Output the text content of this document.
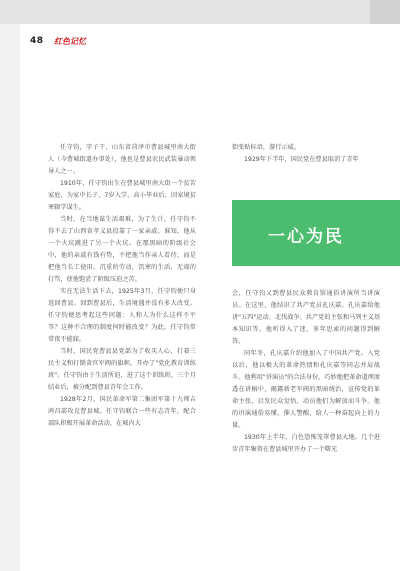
48 红色记忆

任守钧，字子干，山东省菏泽市曹县城里南大街人（今曹城街道办事处），他也是曹县农民武装暴动领导人之一。

1910年，任守钧出生在曹县城里南大街一个贫苦家庭，为家中长子，7岁入学，高小毕业后，因家境贫寒辍学谋生。

当时，在当地谋生活艰难，为了生计，任守钧不得不去了山西省孝义县投靠了一家亲戚。谁知，他从一个火坑跳进了另一个火坑。在那黑暗的阶级社会中，他的亲戚有钱有势，不把他当作亲人看待，而是把他当长工使用。沉重的劳动，饥寒的生活，无端的打骂，使他饱尝了阶级压迫之苦。

实在无法生活下去，1925年3月，任守钧便只身返回曹县。回到曹县后，生活境遇并没有多大改变。任守钧便思考起这些问题：人和人为什么这样不平等？这种不合理的制度何时能改变？为此，任守钧常常夜不能寐。

当时，国民党曹县县党部为了收买人心，打着三民主义和打倒贪官军阀的旗帜，开办了"党化教育训练班"。任守钧由于生活所迫，进了这个训练班，三个月结业后，被分配到曹县青年会工作。

1928年2月，国民革命军第二集团军第十九师吉鸿昌部攻克曹县城。任守钧联合一些有志青年，配合部队积极开展革命活动，在城内大

街张贴标语，游行示威。

1929年下半年，国民党在曹县取消了青年

一心为民

会，任守钧又到曹县民众教育馆通俗讲演所当讲演员。在这里，他结识了共产党员孔庆嘉。孔庆嘉给他讲"五四"运动、北伐战争、共产党的主张和马列主义基本知识等，他听得入了迷，多年思索的问题得到解答。

同年冬，孔庆嘉介绍他加入了中国共产党。入党以后，他以极大的革命热情和孔庆嘉等同志并肩战斗。他利用"讲演员"的合法身份，巧妙地把革命道理渗透在讲稿中，揭露新老军阀的黑暗统治，宣传党的革命主张，启发民众觉悟，动员他们为解放而斗争。他的讲演通俗易懂，催人警醒，给人一种奋起向上的力量。

1930年上半年，白色恐怖笼罩曹县大地。几个进步青年集资在曹县城里开办了一个曙光
